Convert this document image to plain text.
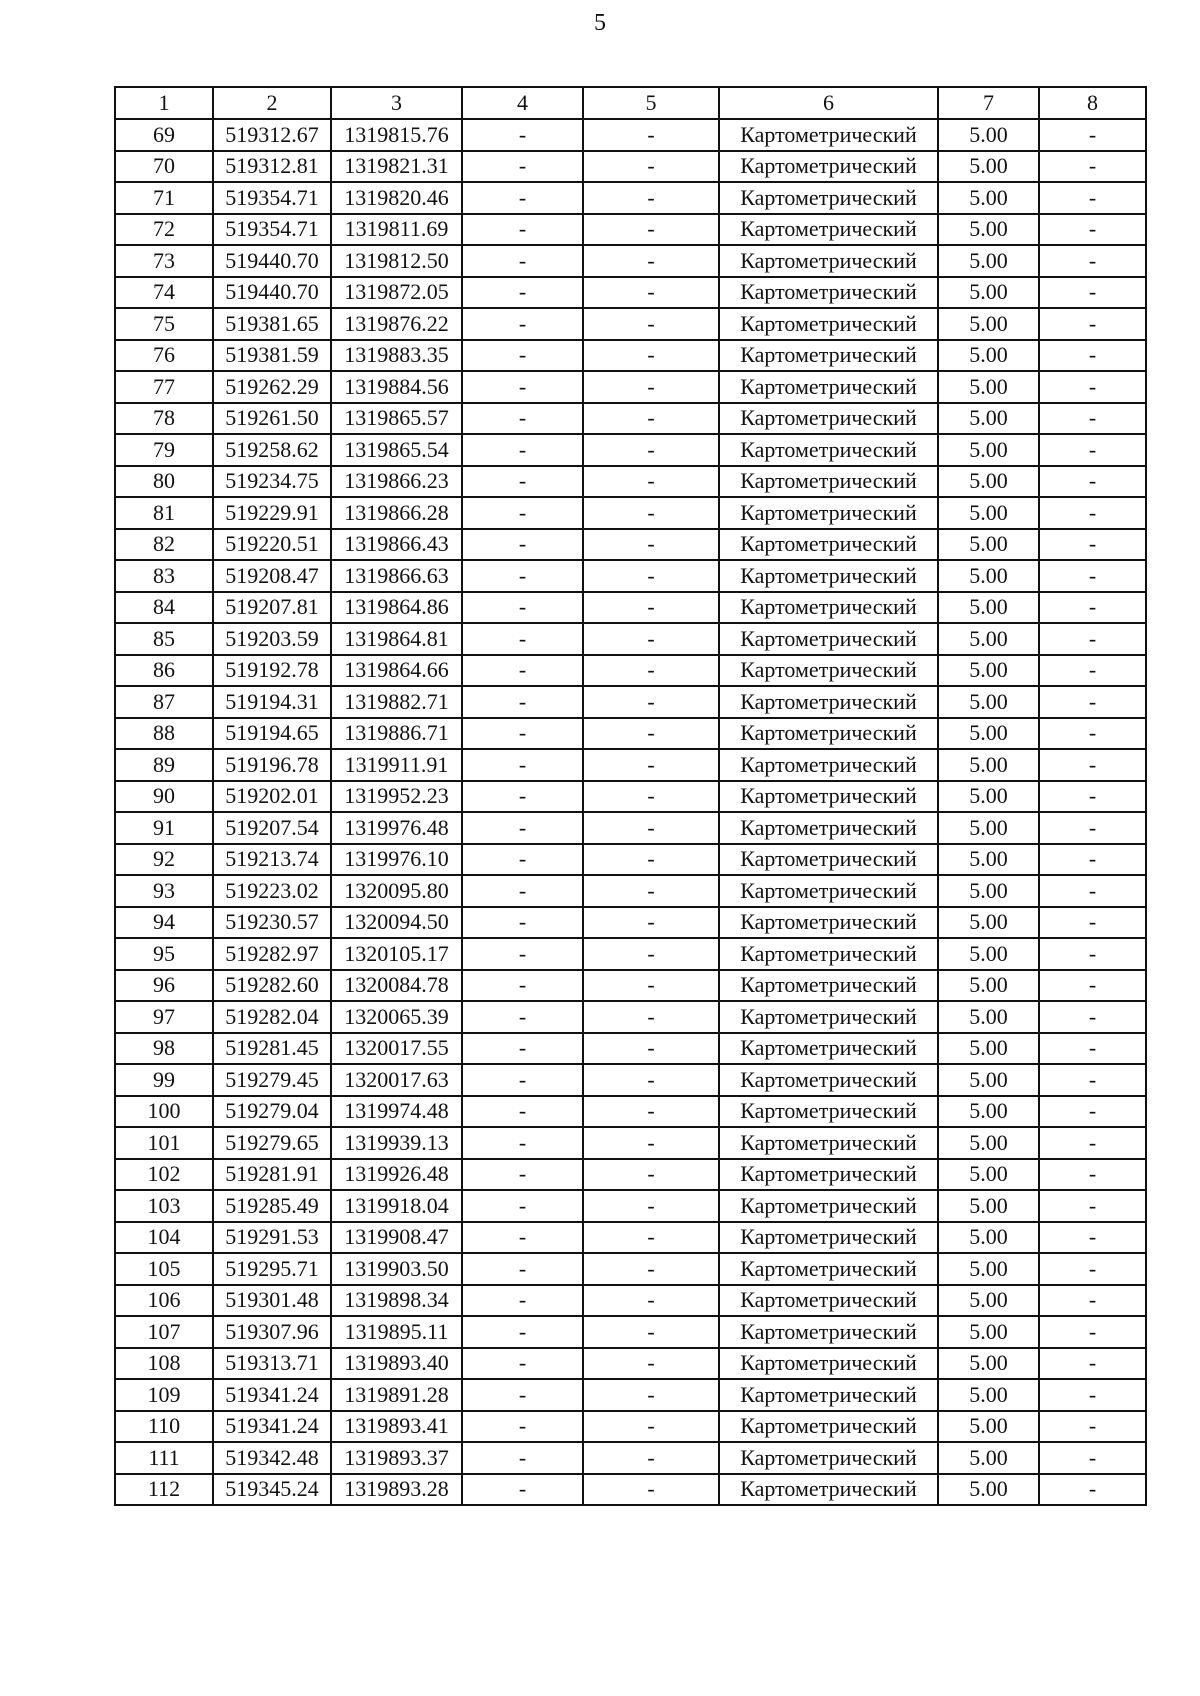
5
1	2	3	4	5	6	7	8
69	519312.67	1319815.76	-	-	Картометрический	5.00	-
70	519312.81	1319821.31	-	-	Картометрический	5.00	-
71	519354.71	1319820.46	-	-	Картометрический	5.00	-
72	519354.71	1319811.69	-	-	Картометрический	5.00	-
73	519440.70	1319812.50	-	-	Картометрический	5.00	-
74	519440.70	1319872.05	-	-	Картометрический	5.00	-
75	519381.65	1319876.22	-	-	Картометрический	5.00	-
76	519381.59	1319883.35	-	-	Картометрический	5.00	-
77	519262.29	1319884.56	-	-	Картометрический	5.00	-
78	519261.50	1319865.57	-	-	Картометрический	5.00	-
79	519258.62	1319865.54	-	-	Картометрический	5.00	-
80	519234.75	1319866.23	-	-	Картометрический	5.00	-
81	519229.91	1319866.28	-	-	Картометрический	5.00	-
82	519220.51	1319866.43	-	-	Картометрический	5.00	-
83	519208.47	1319866.63	-	-	Картометрический	5.00	-
84	519207.81	1319864.86	-	-	Картометрический	5.00	-
85	519203.59	1319864.81	-	-	Картометрический	5.00	-
86	519192.78	1319864.66	-	-	Картометрический	5.00	-
87	519194.31	1319882.71	-	-	Картометрический	5.00	-
88	519194.65	1319886.71	-	-	Картометрический	5.00	-
89	519196.78	1319911.91	-	-	Картометрический	5.00	-
90	519202.01	1319952.23	-	-	Картометрический	5.00	-
91	519207.54	1319976.48	-	-	Картометрический	5.00	-
92	519213.74	1319976.10	-	-	Картометрический	5.00	-
93	519223.02	1320095.80	-	-	Картометрический	5.00	-
94	519230.57	1320094.50	-	-	Картометрический	5.00	-
95	519282.97	1320105.17	-	-	Картометрический	5.00	-
96	519282.60	1320084.78	-	-	Картометрический	5.00	-
97	519282.04	1320065.39	-	-	Картометрический	5.00	-
98	519281.45	1320017.55	-	-	Картометрический	5.00	-
99	519279.45	1320017.63	-	-	Картометрический	5.00	-
100	519279.04	1319974.48	-	-	Картометрический	5.00	-
101	519279.65	1319939.13	-	-	Картометрический	5.00	-
102	519281.91	1319926.48	-	-	Картометрический	5.00	-
103	519285.49	1319918.04	-	-	Картометрический	5.00	-
104	519291.53	1319908.47	-	-	Картометрический	5.00	-
105	519295.71	1319903.50	-	-	Картометрический	5.00	-
106	519301.48	1319898.34	-	-	Картометрический	5.00	-
107	519307.96	1319895.11	-	-	Картометрический	5.00	-
108	519313.71	1319893.40	-	-	Картометрический	5.00	-
109	519341.24	1319891.28	-	-	Картометрический	5.00	-
110	519341.24	1319893.41	-	-	Картометрический	5.00	-
111	519342.48	1319893.37	-	-	Картометрический	5.00	-
112	519345.24	1319893.28	-	-	Картометрический	5.00	-
